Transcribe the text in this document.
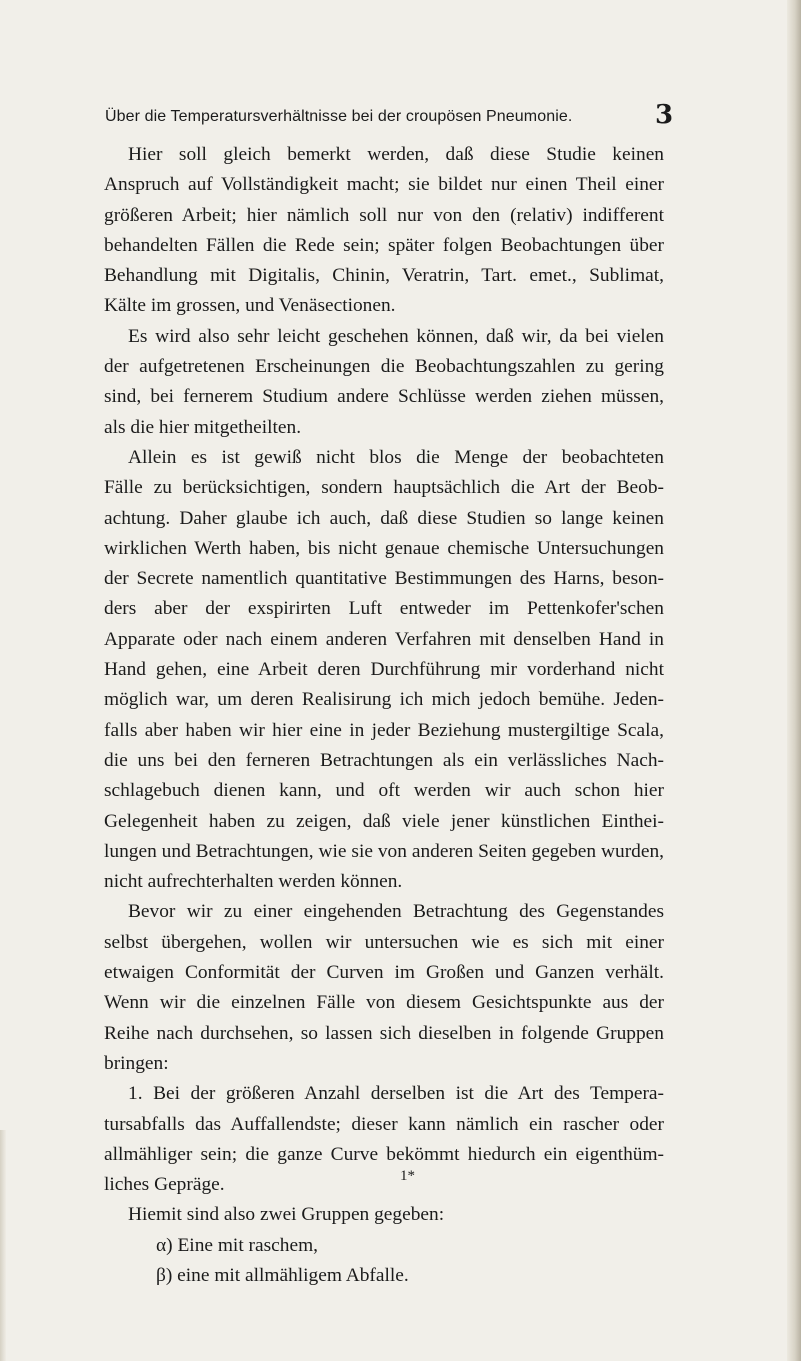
Über die Temperatursverhältnisse bei der croupösen Pneumonie.	3
Hier soll gleich bemerkt werden, daß diese Studie keinen
Anspruch auf Vollständigkeit macht; sie bildet nur einen Theil einer
größeren Arbeit; hier nämlich soll nur von den (relativ) indifferent
behandelten Fällen die Rede sein; später folgen Beobachtungen über
Behandlung mit Digitalis, Chinin, Veratrin, Tart. emet., Sublimat,
Kälte im grossen, und Venäsectionen.
Es wird also sehr leicht geschehen können, daß wir, da bei vielen
der aufgetretenen Erscheinungen die Beobachtungszahlen zu gering
sind, bei fernerem Studium andere Schlüsse werden ziehen müssen,
als die hier mitgetheilten.
Allein es ist gewiß nicht blos die Menge der beobachteten
Fälle zu berücksichtigen, sondern hauptsächlich die Art der Beob-
achtung. Daher glaube ich auch, daß diese Studien so lange keinen
wirklichen Werth haben, bis nicht genaue chemische Untersuchungen
der Secrete namentlich quantitative Bestimmungen des Harns, beson-
ders aber der exspirirten Luft entweder im Pettenkofer'schen
Apparate oder nach einem anderen Verfahren mit denselben Hand in
Hand gehen, eine Arbeit deren Durchführung mir vorderhand nicht
möglich war, um deren Realisirung ich mich jedoch bemühe. Jeden-
falls aber haben wir hier eine in jeder Beziehung mustergiltige Scala,
die uns bei den ferneren Betrachtungen als ein verlässliches Nach-
schlagebuch dienen kann, und oft werden wir auch schon hier
Gelegenheit haben zu zeigen, daß viele jener künstlichen Einthei-
lungen und Betrachtungen, wie sie von anderen Seiten gegeben wurden,
nicht aufrechterhalten werden können.
Bevor wir zu einer eingehenden Betrachtung des Gegenstandes
selbst übergehen, wollen wir untersuchen wie es sich mit einer
etwaigen Conformität der Curven im Großen und Ganzen verhält.
Wenn wir die einzelnen Fälle von diesem Gesichtspunkte aus der
Reihe nach durchsehen, so lassen sich dieselben in folgende Gruppen
bringen:
1. Bei der größeren Anzahl derselben ist die Art des Tempera-
tursabfalls das Auffallendste; dieser kann nämlich ein rascher oder
allmähliger sein; die ganze Curve bekömmt hiedurch ein eigenthüm-
liches Gepräge.
Hiemit sind also zwei Gruppen gegeben:
α) Eine mit raschem,
β) eine mit allmähligem Abfalle.
1*
